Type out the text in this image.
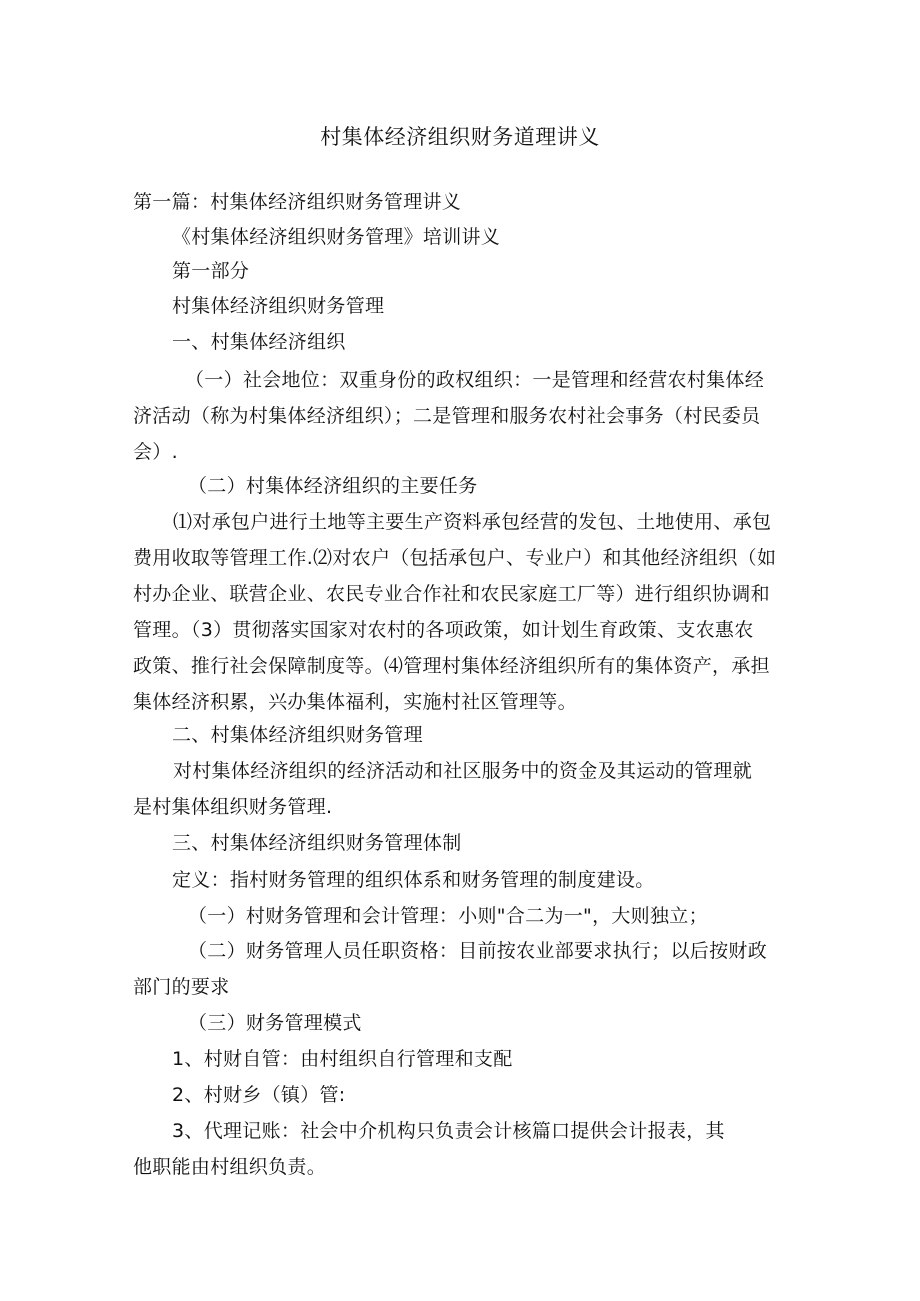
村集体经济组织财务道理讲义
第一篇：村集体经济组织财务管理讲义
《村集体经济组织财务管理》培训讲义
第一部分
村集体经济组织财务管理
一、村集体经济组织
（一）社会地位：双重身份的政权组织：一是管理和经营农村集体经
济活动（称为村集体经济组织）；二是管理和服务农村社会事务（村民委员
会）.
（二）村集体经济组织的主要任务
⑴对承包户进行土地等主要生产资料承包经营的发包、土地使用、承包
费用收取等管理工作.⑵对农户（包括承包户、专业户）和其他经济组织（如
村办企业、联营企业、农民专业合作社和农民家庭工厂等）进行组织协调和
管理。（3）贯彻落实国家对农村的各项政策，如计划生育政策、支农惠农
政策、推行社会保障制度等。⑷管理村集体经济组织所有的集体资产，承担
集体经济积累，兴办集体福利，实施村社区管理等。
二、村集体经济组织财务管理
对村集体经济组织的经济活动和社区服务中的资金及其运动的管理就
是村集体组织财务管理.
三、村集体经济组织财务管理体制
定义：指村财务管理的组织体系和财务管理的制度建设。
（一）村财务管理和会计管理：小则"合二为一"，大则独立；
（二）财务管理人员任职资格：目前按农业部要求执行；以后按财政
部门的要求
（三）财务管理模式
1、村财自管：由村组织自行管理和支配
2、村财乡（镇）管:
3、代理记账：社会中介机构只负责会计核篇口提供会计报表，其
他职能由村组织负责。
